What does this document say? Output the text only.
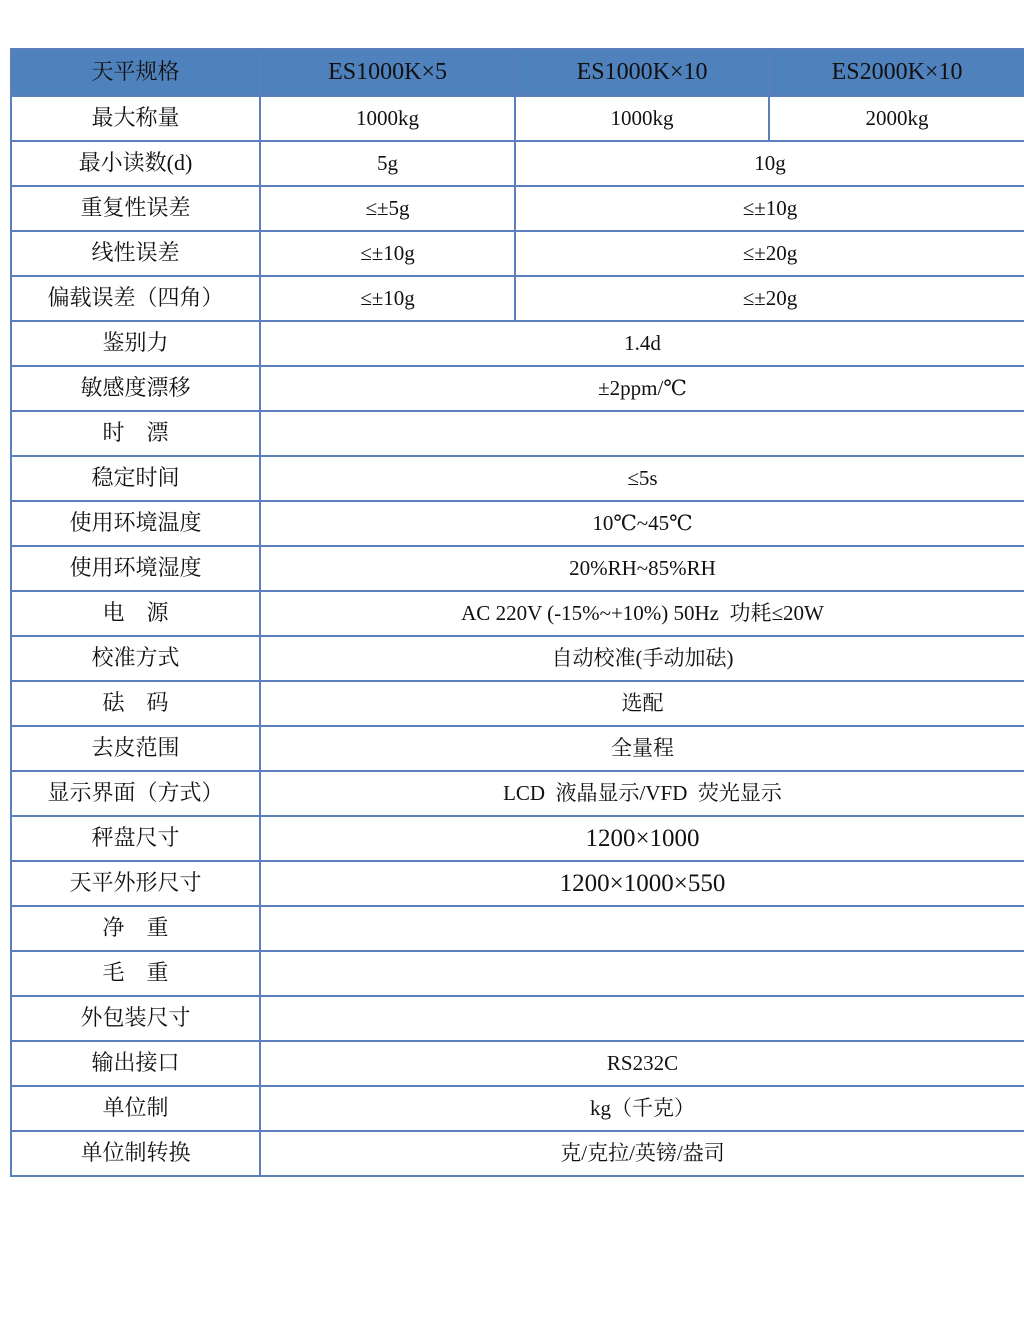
天平规格	ES1000K×5	ES1000K×10	ES2000K×10
最大称量	1000kg	1000kg	2000kg
最小读数(d)	5g	10g	
重复性误差	≤±5g	≤±10g	
线性误差	≤±10g	≤±20g	
偏载误差（四角）	≤±10g	≤±20g	
鉴别力	1.4d		
敏感度漂移	±2ppm/℃		
时    漂			
稳定时间	≤5s		
使用环境温度	10℃~45℃		
使用环境湿度	20%RH~85%RH		
电    源	AC 220V (-15%~+10%) 50Hz  功耗≤20W		
校准方式	自动校准(手动加砝)		
砝    码	选配		
去皮范围	全量程		
显示界面（方式）	LCD  液晶显示/VFD  荧光显示		
秤盘尺寸	1200×1000		
天平外形尺寸	1200×1000×550		
净    重			
毛    重			
外包装尺寸			
输出接口	RS232C		
单位制	kg（千克）		
单位制转换	克/克拉/英镑/盎司		
